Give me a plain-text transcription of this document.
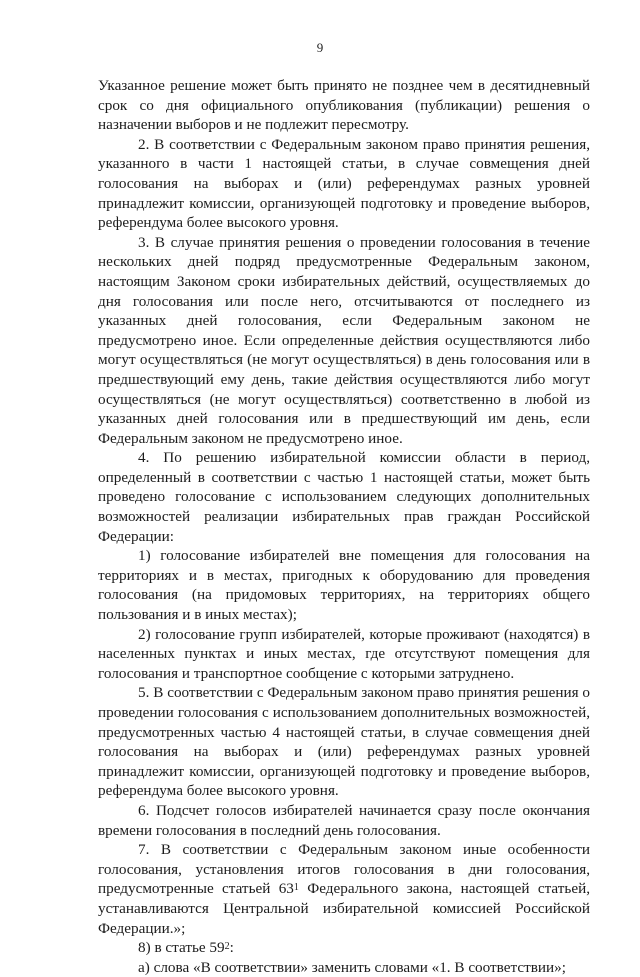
9

Указанное решение может быть принято не позднее чем в десятидневный срок со дня официального опубликования (публикации) решения о назначении выборов и не подлежит пересмотру.

2. В соответствии с Федеральным законом право принятия решения, указанного в части 1 настоящей статьи, в случае совмещения дней голосования на выборах и (или) референдумах разных уровней принадлежит комиссии, организующей подготовку и проведение выборов, референдума более высокого уровня.

3. В случае принятия решения о проведении голосования в течение нескольких дней подряд предусмотренные Федеральным законом, настоящим Законом сроки избирательных действий, осуществляемых до дня голосования или после него, отсчитываются от последнего из указанных дней голосования, если Федеральным законом не предусмотрено иное. Если определенные действия осуществляются либо могут осуществляться (не могут осуществляться) в день голосования или в предшествующий ему день, такие действия осуществляются либо могут осуществляться (не могут осуществляться) соответственно в любой из указанных дней голосования или в предшествующий им день, если Федеральным законом не предусмотрено иное.

4. По решению избирательной комиссии области в период, определенный в соответствии с частью 1 настоящей статьи, может быть проведено голосование с использованием следующих дополнительных возможностей реализации избирательных прав граждан Российской Федерации:

1) голосование избирателей вне помещения для голосования на территориях и в местах, пригодных к оборудованию для проведения голосования (на придомовых территориях, на территориях общего пользования и в иных местах);

2) голосование групп избирателей, которые проживают (находятся) в населенных пунктах и иных местах, где отсутствуют помещения для голосования и транспортное сообщение с которыми затруднено.

5. В соответствии с Федеральным законом право принятия решения о проведении голосования с использованием дополнительных возможностей, предусмотренных частью 4 настоящей статьи, в случае совмещения дней голосования на выборах и (или) референдумах разных уровней принадлежит комиссии, организующей подготовку и проведение выборов, референдума более высокого уровня.

6. Подсчет голосов избирателей начинается сразу после окончания времени голосования в последний день голосования.

7. В соответствии с Федеральным законом иные особенности голосования, установления итогов голосования в дни голосования, предусмотренные статьей $63^1$ Федерального закона, настоящей статьей, устанавливаются Центральной избирательной комиссией Российской Федерации.»;

8) в статье $59^2$:

а) слова «В соответствии» заменить словами «1. В соответствии»;
